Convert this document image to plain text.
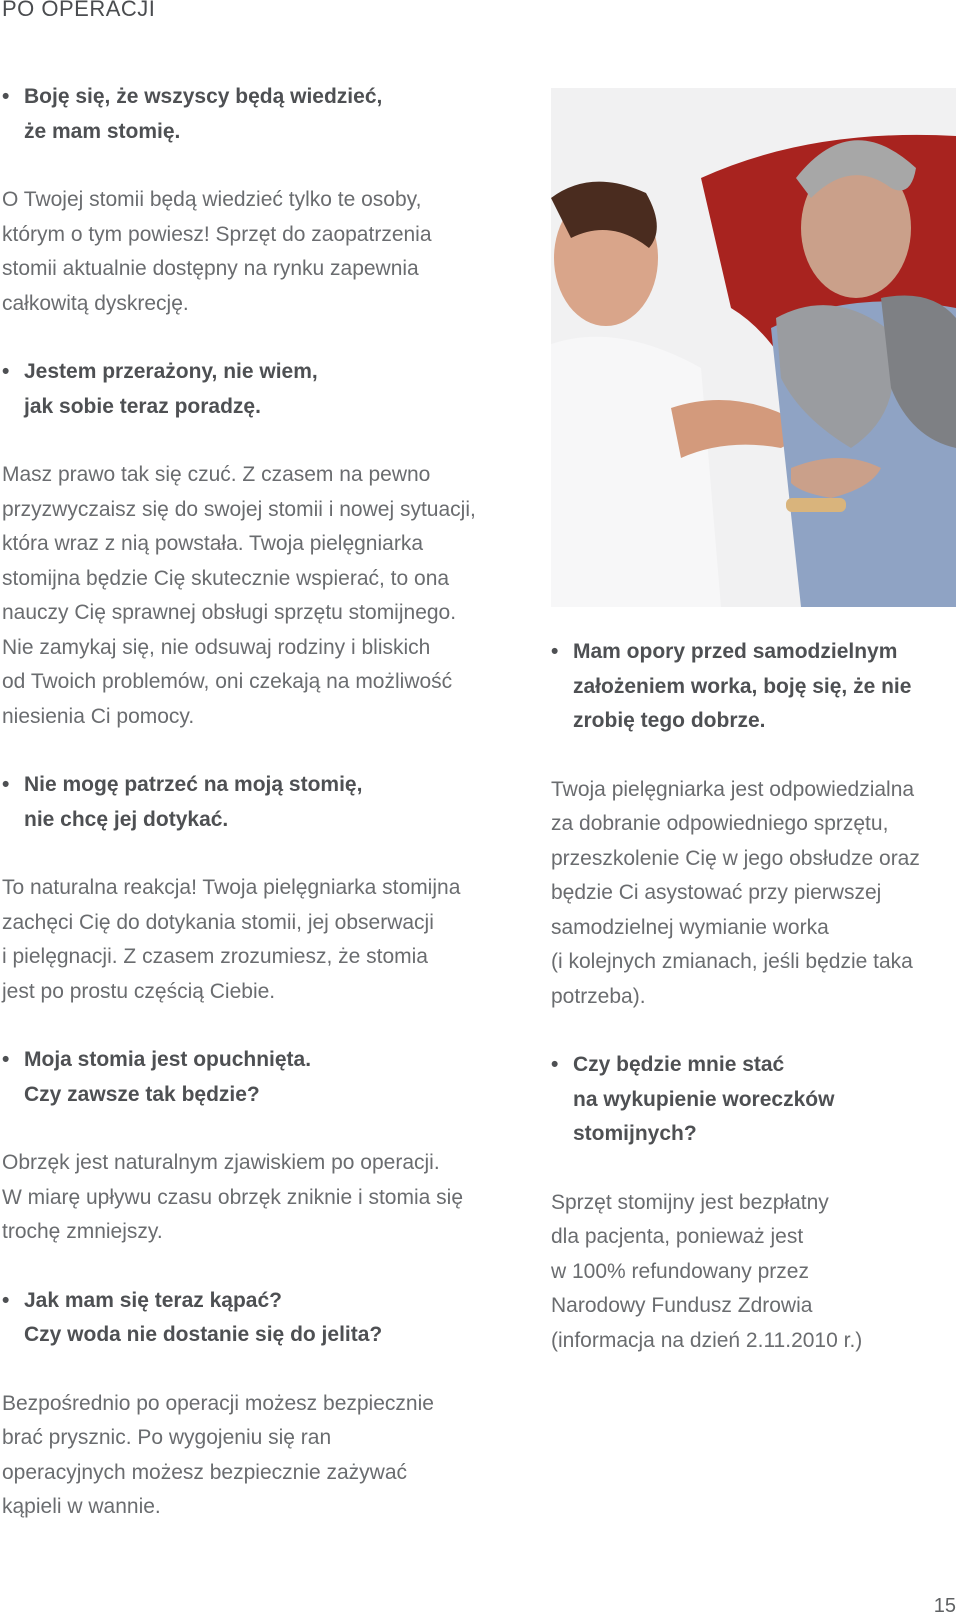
PO OPERACJI

• Boję się, że wszyscy będą wiedzieć,
że mam stomię.

O Twojej stomii będą wiedzieć tylko te osoby,
którym o tym powiesz! Sprzęt do zaopatrzenia
stomii aktualnie dostępny na rynku zapewnia
całkowitą dyskrecję.

• Jestem przerażony, nie wiem,
jak sobie teraz poradzę.

Masz prawo tak się czuć. Z czasem na pewno
przyzwyczaisz się do swojej stomii i nowej sytuacji,
która wraz z nią powstała. Twoja pielęgniarka
stomijna będzie Cię skutecznie wspierać, to ona
nauczy Cię sprawnej obsługi sprzętu stomijnego.
Nie zamykaj się, nie odsuwaj rodziny i bliskich
od Twoich problemów, oni czekają na możliwość
niesienia Ci pomocy.

• Nie mogę patrzeć na moją stomię,
nie chcę jej dotykać.

To naturalna reakcja! Twoja pielęgniarka stomijna
zachęci Cię do dotykania stomii, jej obserwacji
i pielęgnacji. Z czasem zrozumiesz, że stomia
jest po prostu częścią Ciebie.

• Moja stomia jest opuchnięta.
Czy zawsze tak będzie?

Obrzęk jest naturalnym zjawiskiem po operacji.
W miarę upływu czasu obrzęk zniknie i stomia się
trochę zmniejszy.

• Jak mam się teraz kąpać?
Czy woda nie dostanie się do jelita?

Bezpośrednio po operacji możesz bezpiecznie
brać prysznic. Po wygojeniu się ran
operacyjnych możesz bezpiecznie zażywać
kąpieli w wannie.

• Mam opory przed samodzielnym
założeniem worka, boję się, że nie
zrobię tego dobrze.

Twoja pielęgniarka jest odpowiedzialna
za dobranie odpowiedniego sprzętu,
przeszkolenie Cię w jego obsłudze oraz
będzie Ci asystować przy pierwszej
samodzielnej wymianie worka
(i kolejnych zmianach, jeśli będzie taka
potrzeba).

• Czy będzie mnie stać
na wykupienie woreczków
stomijnych?

Sprzęt stomijny jest bezpłatny
dla pacjenta, ponieważ jest
w 100% refundowany przez
Narodowy Fundusz Zdrowia
(informacja na dzień 2.11.2010 r.)

15
